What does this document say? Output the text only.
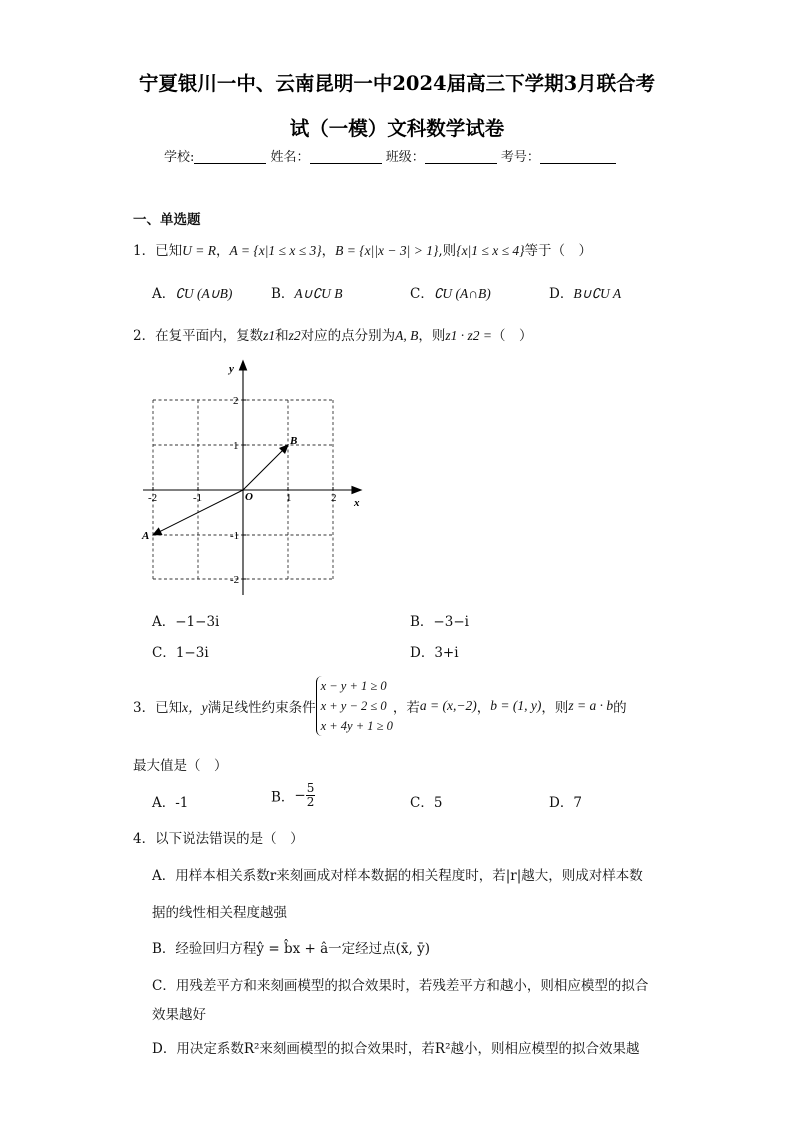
宁夏银川一中、云南昆明一中2024届高三下学期3月联合考
试（一模）文科数学试卷
学校:	姓名：	班级：	考号：
一、单选题
1．已知U = R，A = {x|1 ≤ x ≤ 3}，B = {x||x − 3| > 1},则{x|1 ≤ x ≤ 4}等于（　）
A．∁U (A∪B)	B．A∪∁U B	C．∁U (A∩B)	D．B∪∁U A
2．在复平面内，复数z1和z2对应的点分别为A, B，则z1 · z2 =（　）
-2	-1	1	2
2
1
-1
-2
O	x
y
A
B
A．−1−3i	B．−3−i
C．1−3i	D．3+i
3．已知x，y满足线性约束条件
x − y + 1 ≥ 0
x + y − 2 ≤ 0
x + 4y + 1 ≥ 0
，若a = (x,−2)，b = (1, y)，则z = a · b的
最大值是（　）
A．-1	B．− $\frac{5}{2}$	C．5	D．7
4．以下说法错误的是（　）
A．用样本相关系数r来刻画成对样本数据的相关程度时，若|r|越大，则成对样本数
据的线性相关程度越强
B．经验回归方程ŷ = b̂x + â一定经过点(x̄, ȳ)
C．用残差平方和来刻画模型的拟合效果时，若残差平方和越小，则相应模型的拟合
效果越好
D．用决定系数R²来刻画模型的拟合效果时，若R²越小，则相应模型的拟合效果越
